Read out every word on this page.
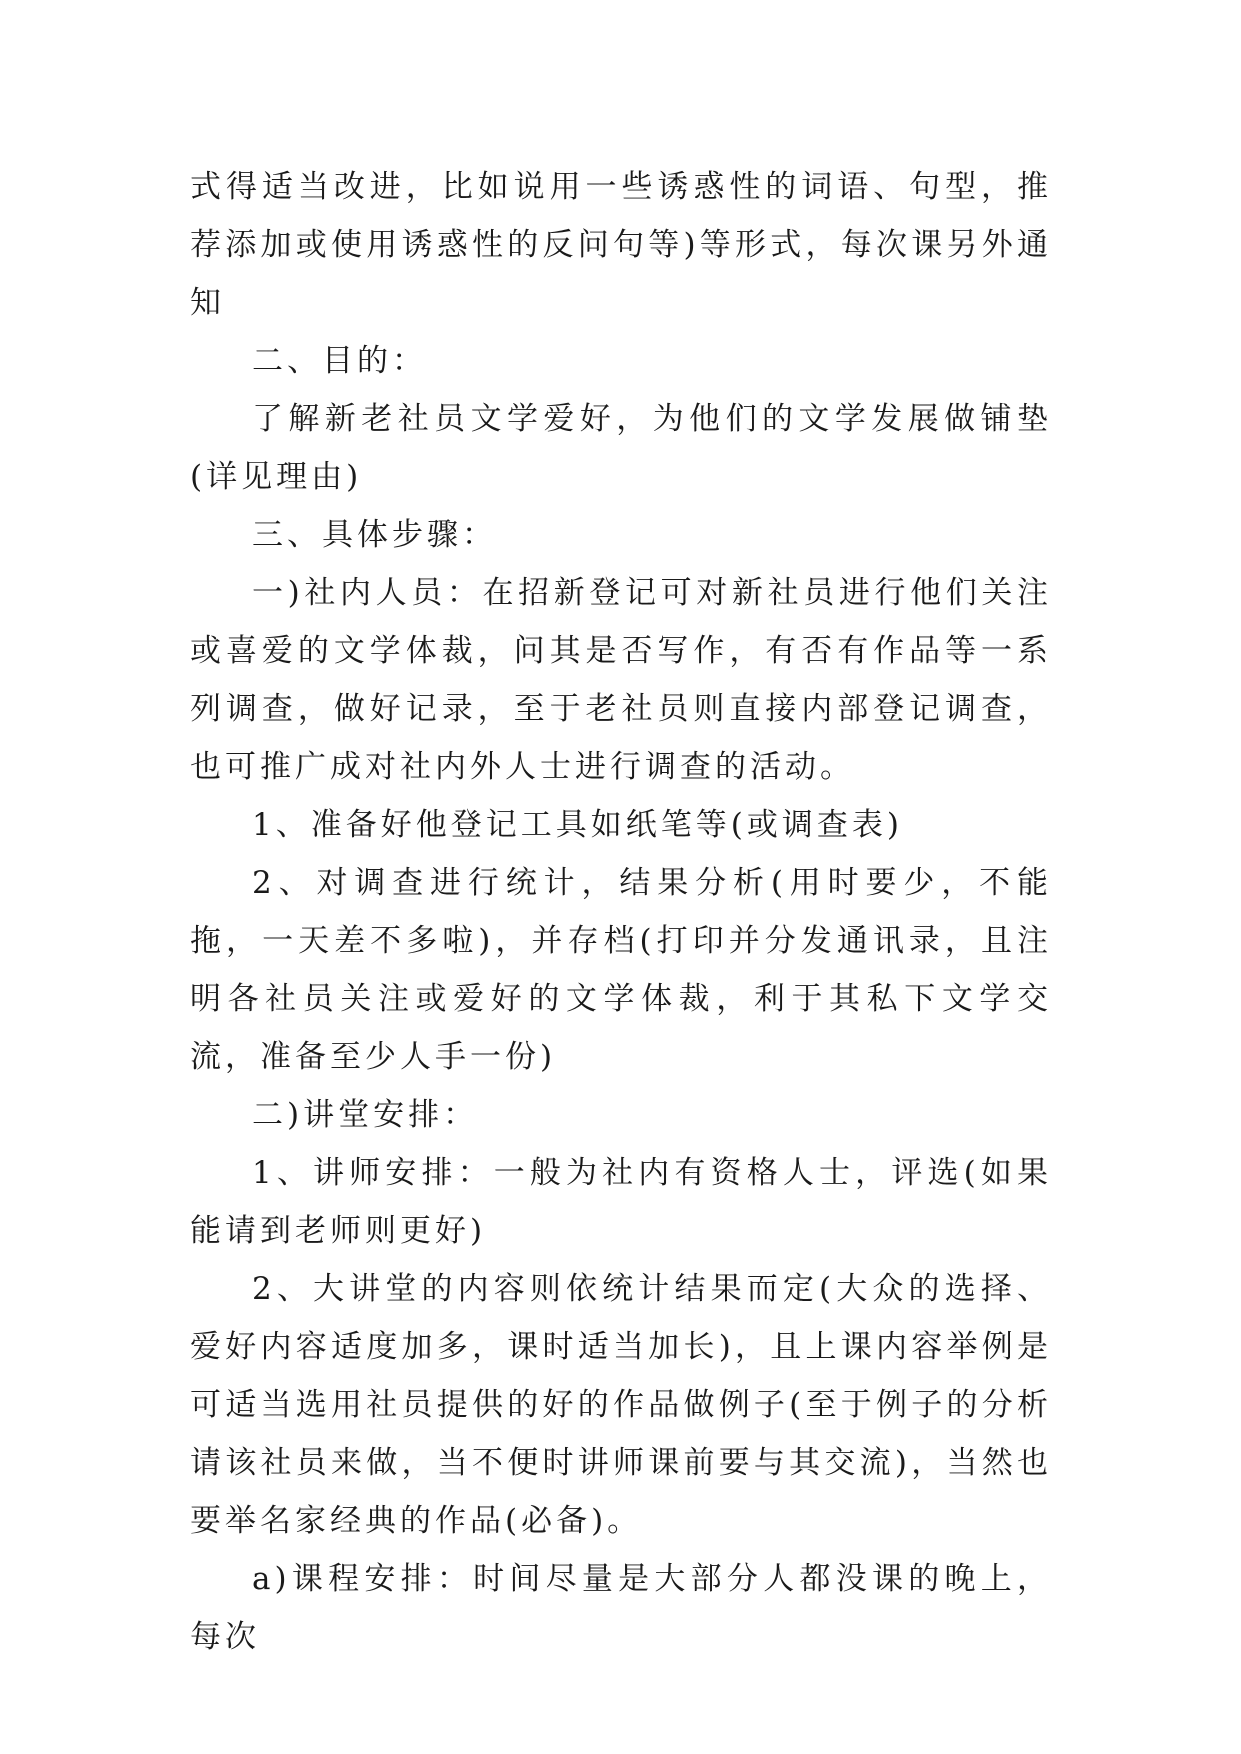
式得适当改进，比如说用一些诱惑性的词语、句型，推荐添加或使用诱惑性的反问句等)等形式，每次课另外通知

二、目的：

了解新老社员文学爱好，为他们的文学发展做铺垫(详见理由)

三、具体步骤：

一)社内人员：在招新登记可对新社员进行他们关注或喜爱的文学体裁，问其是否写作，有否有作品等一系列调查，做好记录，至于老社员则直接内部登记调查，也可推广成对社内外人士进行调查的活动。

1、准备好他登记工具如纸笔等(或调查表)

2、对调查进行统计，结果分析(用时要少，不能拖，一天差不多啦)，并存档(打印并分发通讯录，且注明各社员关注或爱好的文学体裁，利于其私下文学交流，准备至少人手一份)

二)讲堂安排：

1、讲师安排：一般为社内有资格人士，评选(如果能请到老师则更好)

2、大讲堂的内容则依统计结果而定(大众的选择、爱好内容适度加多，课时适当加长)，且上课内容举例是可适当选用社员提供的好的作品做例子(至于例子的分析请该社员来做，当不便时讲师课前要与其交流)，当然也要举名家经典的作品(必备)。

a)课程安排：时间尽量是大部分人都没课的晚上，每次
